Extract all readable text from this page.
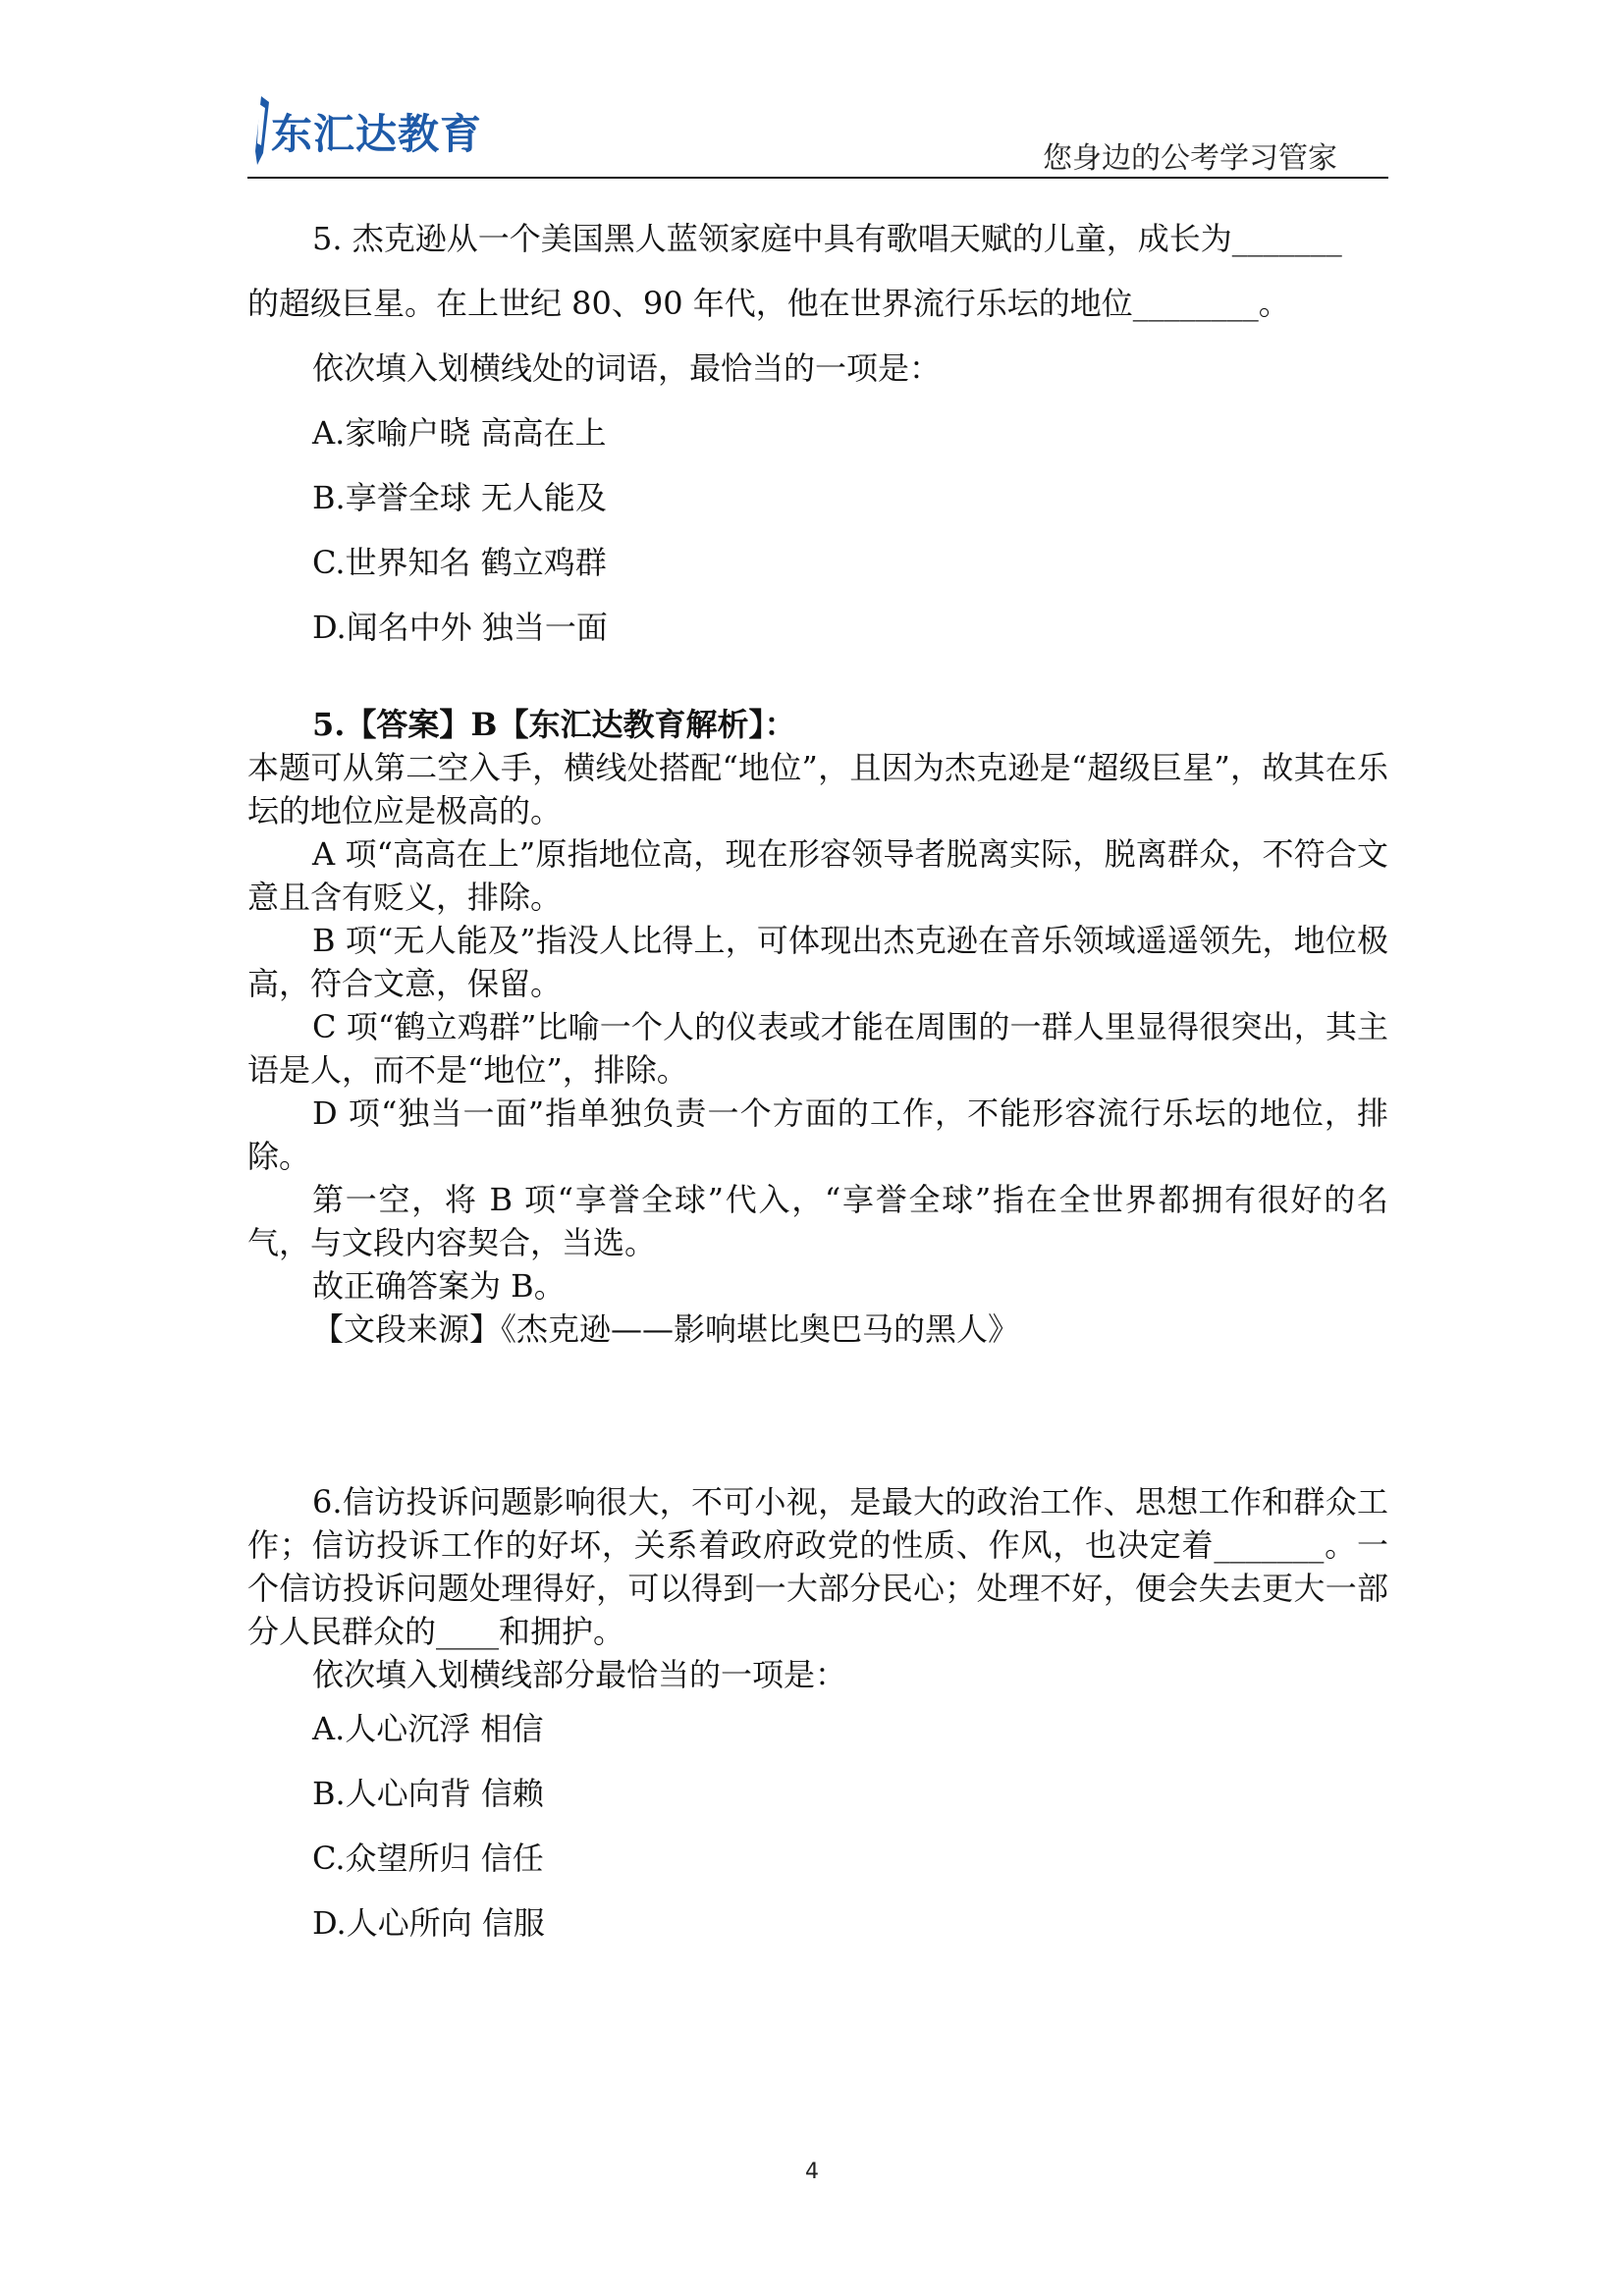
东汇达教育
您身边的公考学习管家

5. 杰克逊从一个美国黑人蓝领家庭中具有歌唱天赋的儿童，成长为_______

的超级巨星。在上世纪 80、90 年代，他在世界流行乐坛的地位________。

依次填入划横线处的词语，最恰当的一项是：

A.家喻户晓 高高在上

B.享誉全球 无人能及

C.世界知名 鹤立鸡群

D.闻名中外 独当一面

5.【答案】B【东汇达教育解析】：

本题可从第二空入手，横线处搭配“地位”，且因为杰克逊是“超级巨星”，故其在乐坛的地位应是极高的。

A 项“高高在上”原指地位高，现在形容领导者脱离实际，脱离群众，不符合文意且含有贬义，排除。

B 项“无人能及”指没人比得上，可体现出杰克逊在音乐领域遥遥领先，地位极高，符合文意，保留。

C 项“鹤立鸡群”比喻一个人的仪表或才能在周围的一群人里显得很突出，其主语是人，而不是“地位”，排除。

D 项“独当一面”指单独负责一个方面的工作，不能形容流行乐坛的地位，排除。

第一空，将 B 项“享誉全球”代入，“享誉全球”指在全世界都拥有很好的名气，与文段内容契合，当选。

故正确答案为 B。

【文段来源】《杰克逊——影响堪比奥巴马的黑人》

6.信访投诉问题影响很大，不可小视，是最大的政治工作、思想工作和群众工作；信访投诉工作的好坏，关系着政府政党的性质、作风，也决定着_______。一个信访投诉问题处理得好，可以得到一大部分民心；处理不好，便会失去更大一部分人民群众的____和拥护。

依次填入划横线部分最恰当的一项是：

A.人心沉浮 相信

B.人心向背 信赖

C.众望所归 信任

D.人心所向 信服

4
